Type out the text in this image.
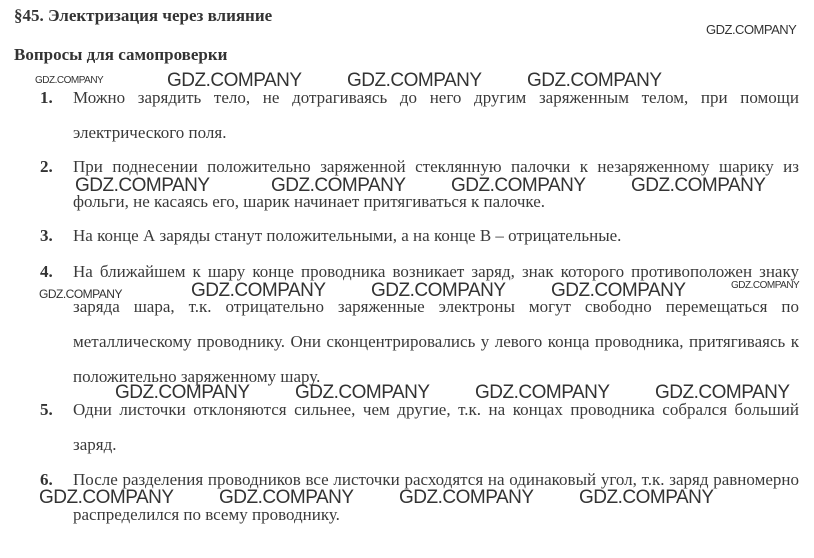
§45. Электризация через влияние
Вопросы для самопроверки
1.	Можно зарядить тело, не дотрагиваясь до него другим заряженным телом, при помощи электрического поля.
2.	При поднесении положительно заряженной стеклянную палочки к незаряженному шарику из фольги, не касаясь его, шарик начинает притягиваться к палочке.
3.	На конце А заряды станут положительными, а на конце В – отрицательные.
4.	На ближайшем к шару конце проводника возникает заряд, знак которого противоположен знаку заряда шара, т.к. отрицательно заряженные электроны могут свободно перемещаться по металлическому проводнику. Они сконцентрировались у левого конца проводника, притягиваясь к положительно заряженному шару.
5.	Одни листочки отклоняются сильнее, чем другие, т.к. на концах проводника собрался больший заряд.
6.	После разделения проводников все листочки расходятся на одинаковый угол, т.к. заряд равномерно распределился по всему проводнику.
GDZ.COMPANY
GDZ.COMPANY	GDZ.COMPANY GDZ.COMPANY GDZ.COMPANY
GDZ.COMPANY	GDZ.COMPANY GDZ.COMPANY GDZ.COMPANY
GDZ.COMPANY	GDZ.COMPANY GDZ.COMPANY GDZ.COMPANY	GDZ.COMPANY
GDZ.COMPANY GDZ.COMPANY GDZ.COMPANY GDZ.COMPANY
GDZ.COMPANY GDZ.COMPANY GDZ.COMPANY GDZ.COMPANY
